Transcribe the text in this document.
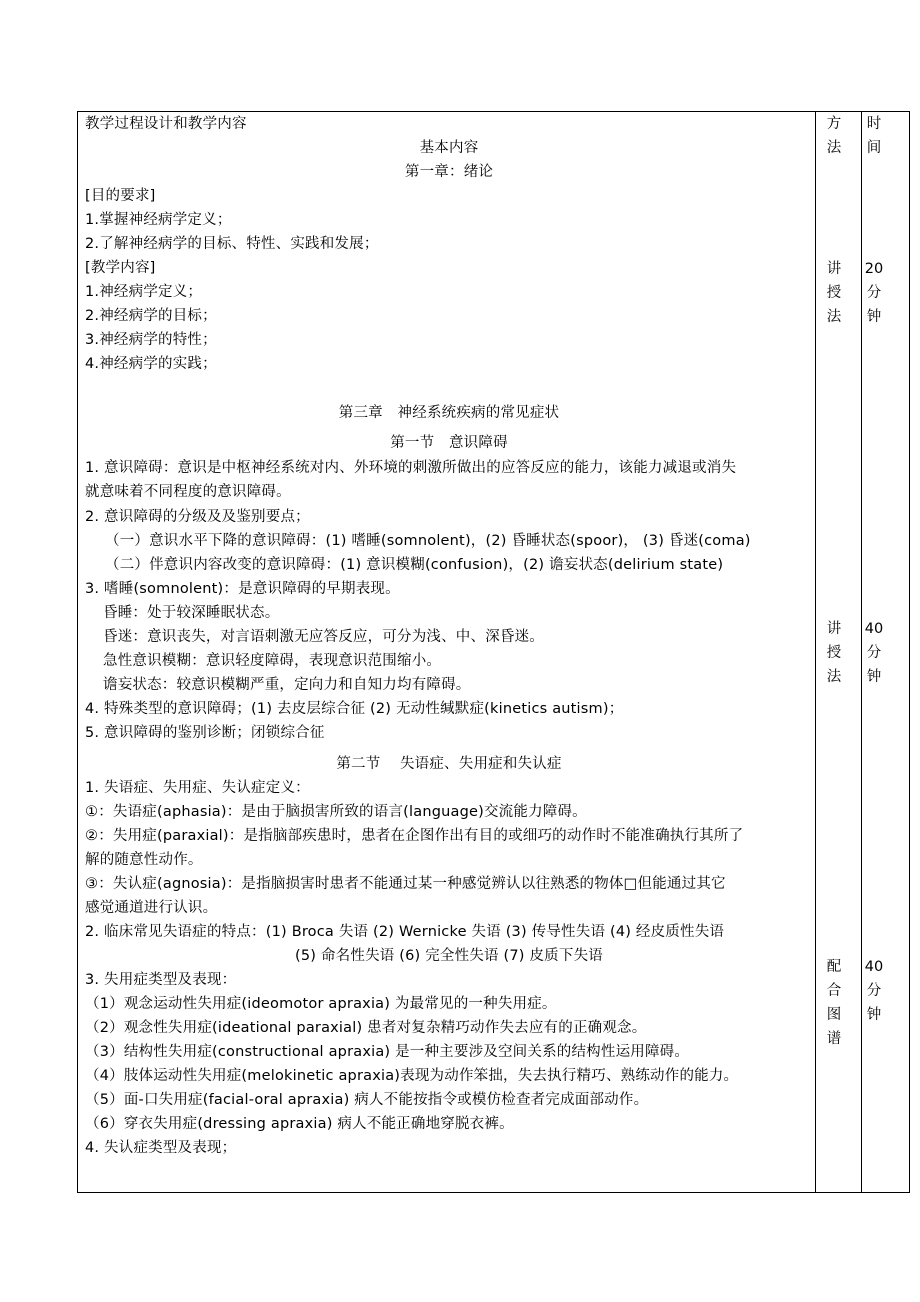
教学过程设计和教学内容
基本内容
第一章：绪论
[目的要求]
1.掌握神经病学定义；
2.了解神经病学的目标、特性、实践和发展；
[教学内容]
1.神经病学定义；
2.神经病学的目标；
3.神经病学的特性；
4.神经病学的实践；
第三章　神经系统疾病的常见症状
第一节　意识障碍
1. 意识障碍：意识是中枢神经系统对内、外环境的刺激所做出的应答反应的能力，该能力减退或消失
就意味着不同程度的意识障碍。
2. 意识障碍的分级及及鉴别要点；
（一）意识水平下降的意识障碍：(1) 嗜睡(somnolent)，(2) 昏睡状态(spoor)， (3) 昏迷(coma)
（二）伴意识内容改变的意识障碍：(1) 意识模糊(confusion)，(2) 谵妄状态(delirium state)
3. 嗜睡(somnolent)：是意识障碍的早期表现。
昏睡：处于较深睡眠状态。
昏迷：意识丧失，对言语刺激无应答反应，可分为浅、中、深昏迷。
急性意识模糊：意识轻度障碍，表现意识范围缩小。
谵妄状态：较意识模糊严重，定向力和自知力均有障碍。
4. 特殊类型的意识障碍；(1) 去皮层综合征 (2) 无动性缄默症(kinetics autism)；
5. 意识障碍的鉴别诊断；闭锁综合征
第二节　 失语症、失用症和失认症
1. 失语症、失用症、失认症定义：
①：失语症(aphasia)：是由于脑损害所致的语言(language)交流能力障碍。
②：失用症(paraxial)：是指脑部疾患时，患者在企图作出有目的或细巧的动作时不能准确执行其所了
解的随意性动作。
③：失认症(agnosia)：是指脑损害时患者不能通过某一种感觉辨认以往熟悉的物体□但能通过其它
感觉通道进行认识。
2. 临床常见失语症的特点：(1) Broca 失语 (2) Wernicke 失语 (3) 传导性失语 (4) 经皮质性失语
(5) 命名性失语 (6) 完全性失语 (7) 皮质下失语
3. 失用症类型及表现：
（1）观念运动性失用症(ideomotor apraxia) 为最常见的一种失用症。
（2）观念性失用症(ideational paraxial) 患者对复杂精巧动作失去应有的正确观念。
（3）结构性失用症(constructional apraxia) 是一种主要涉及空间关系的结构性运用障碍。
（4）肢体运动性失用症(melokinetic apraxia)表现为动作笨拙，失去执行精巧、熟练动作的能力。
（5）面-口失用症(facial-oral apraxia) 病人不能按指令或模仿检查者完成面部动作。
（6）穿衣失用症(dressing apraxia) 病人不能正确地穿脱衣裤。
4. 失认症类型及表现；
方
法
讲
授
法
讲
授
法
配
合
图
谱
时
间
20
分
钟
40
分
钟
40
分
钟
